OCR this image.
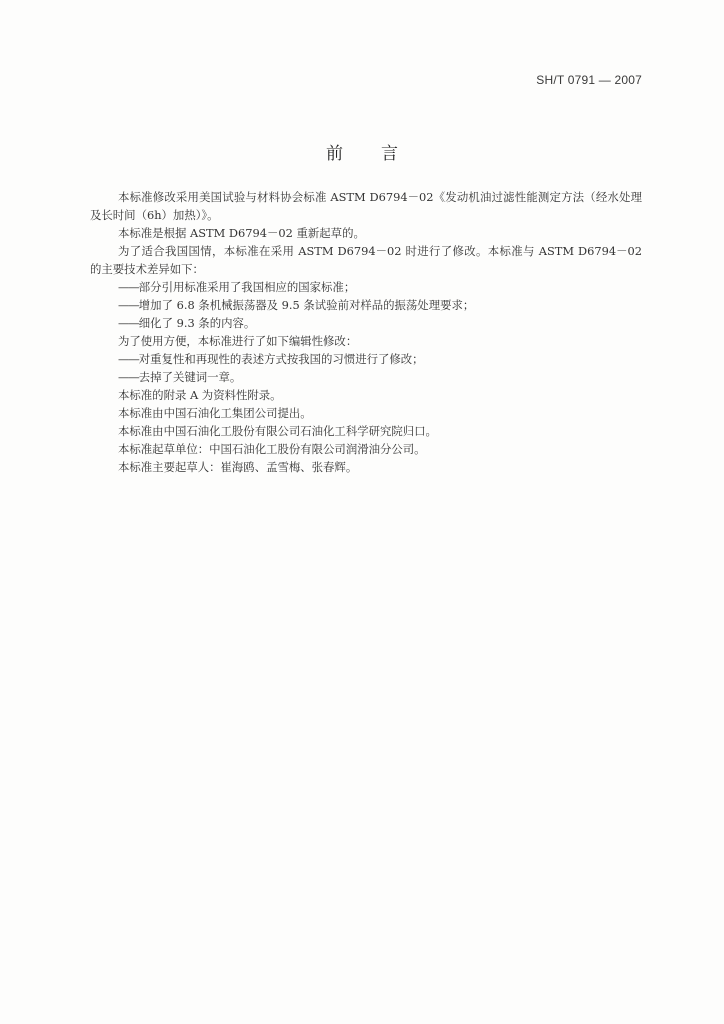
SH/T 0791 — 2007
前 言

本标准修改采用美国试验与材料协会标准 ASTM D6794－02《发动机油过滤性能测定方法（经水处理及长时间（6h）加热）》。

本标准是根据 ASTM D6794－02 重新起草的。

为了适合我国国情，本标准在采用 ASTM D6794－02 时进行了修改。本标准与 ASTM D6794－02 的主要技术差异如下：

——部分引用标准采用了我国相应的国家标准；

——增加了 6.8 条机械振荡器及 9.5 条试验前对样品的振荡处理要求；

——细化了 9.3 条的内容。

为了使用方便，本标准进行了如下编辑性修改：

——对重复性和再现性的表述方式按我国的习惯进行了修改；

——去掉了关键词一章。

本标准的附录 A 为资料性附录。

本标准由中国石油化工集团公司提出。

本标准由中国石油化工股份有限公司石油化工科学研究院归口。

本标准起草单位：中国石油化工股份有限公司润滑油分公司。

本标准主要起草人：崔海鸥、孟雪梅、张春辉。
